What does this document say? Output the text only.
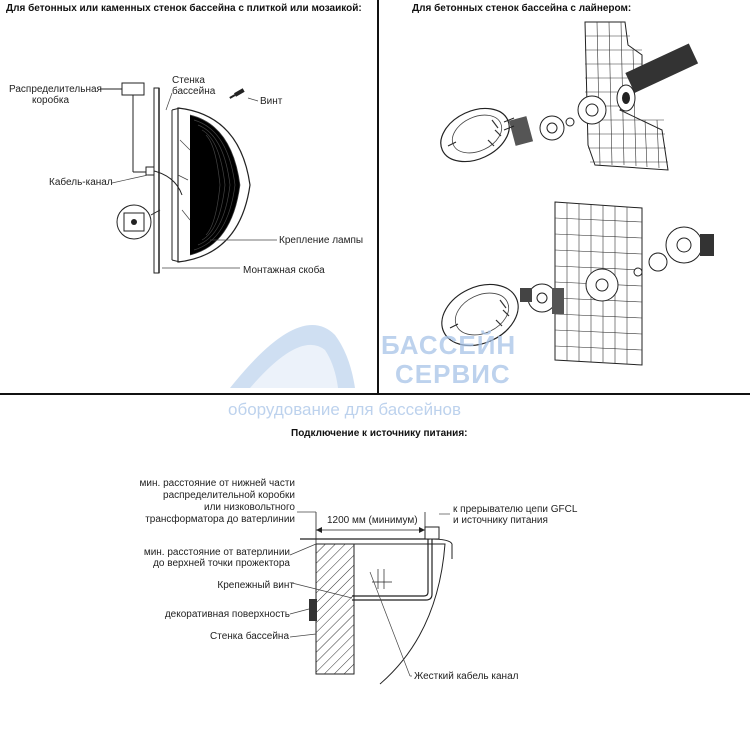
Для бетонных или каменных стенок бассейна с плиткой или мозаикой:
Распределительная
коробка
Стенка
бассейна
Винт
Кабель-канал
Крепление лампы
Монтажная скоба
Для бетонных стенок бассейна с лайнером:
БАССЕЙН
СЕРВИС
оборудование для бассейнов
Подключение к источнику питания:
мин. расстояние от нижней части
распределительной коробки
или низковольтного
трансформатора до ватерлинии	1200 мм (минимум)
к прерывателю цепи GFCL
и источнику питания
мин. расстояние от ватерлинии
до верхней точки прожектора
Крепежный винт
декоративная поверхность
Стенка бассейна
Жесткий кабель канал
